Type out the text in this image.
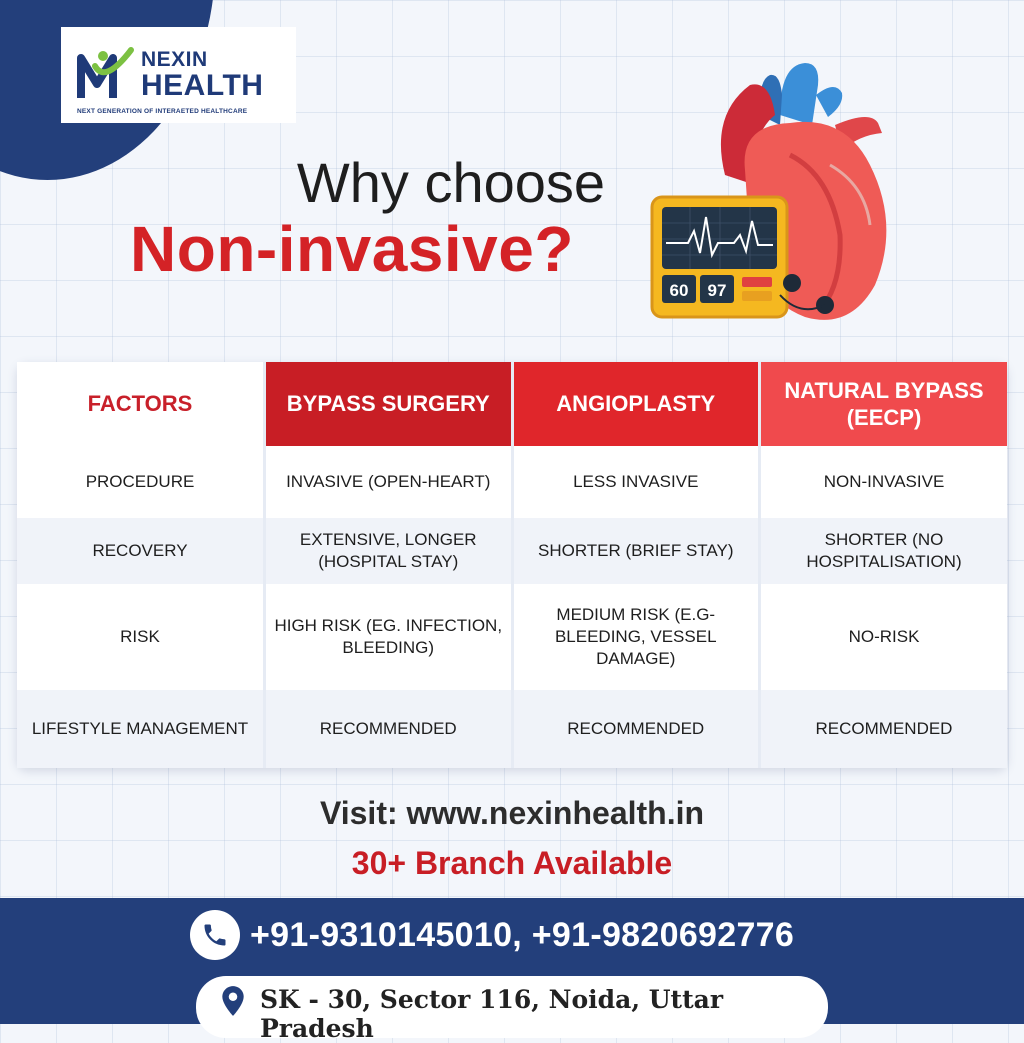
NEXIN
HEALTH
NEXT GENERATION OF INTERAETED HEALTHCARE
Why choose
Non-invasive?
60 97
FACTORS	BYPASS SURGERY	ANGIOPLASTY	NATURAL BYPASS (EECP)
PROCEDURE	INVASIVE (OPEN-HEART)	LESS INVASIVE	NON-INVASIVE
RECOVERY	EXTENSIVE, LONGER (HOSPITAL STAY)	SHORTER (BRIEF STAY)	SHORTER (NO HOSPITALISATION)
RISK	HIGH RISK (EG. INFECTION, BLEEDING)	MEDIUM RISK (E.G- BLEEDING, VESSEL DAMAGE)	NO-RISK
LIFESTYLE MANAGEMENT	RECOMMENDED	RECOMMENDED	RECOMMENDED
Visit: www.nexinhealth.in
30+ Branch Available
+91-9310145010, +91-9820692776
SK - 30, Sector 116, Noida, Uttar Pradesh
